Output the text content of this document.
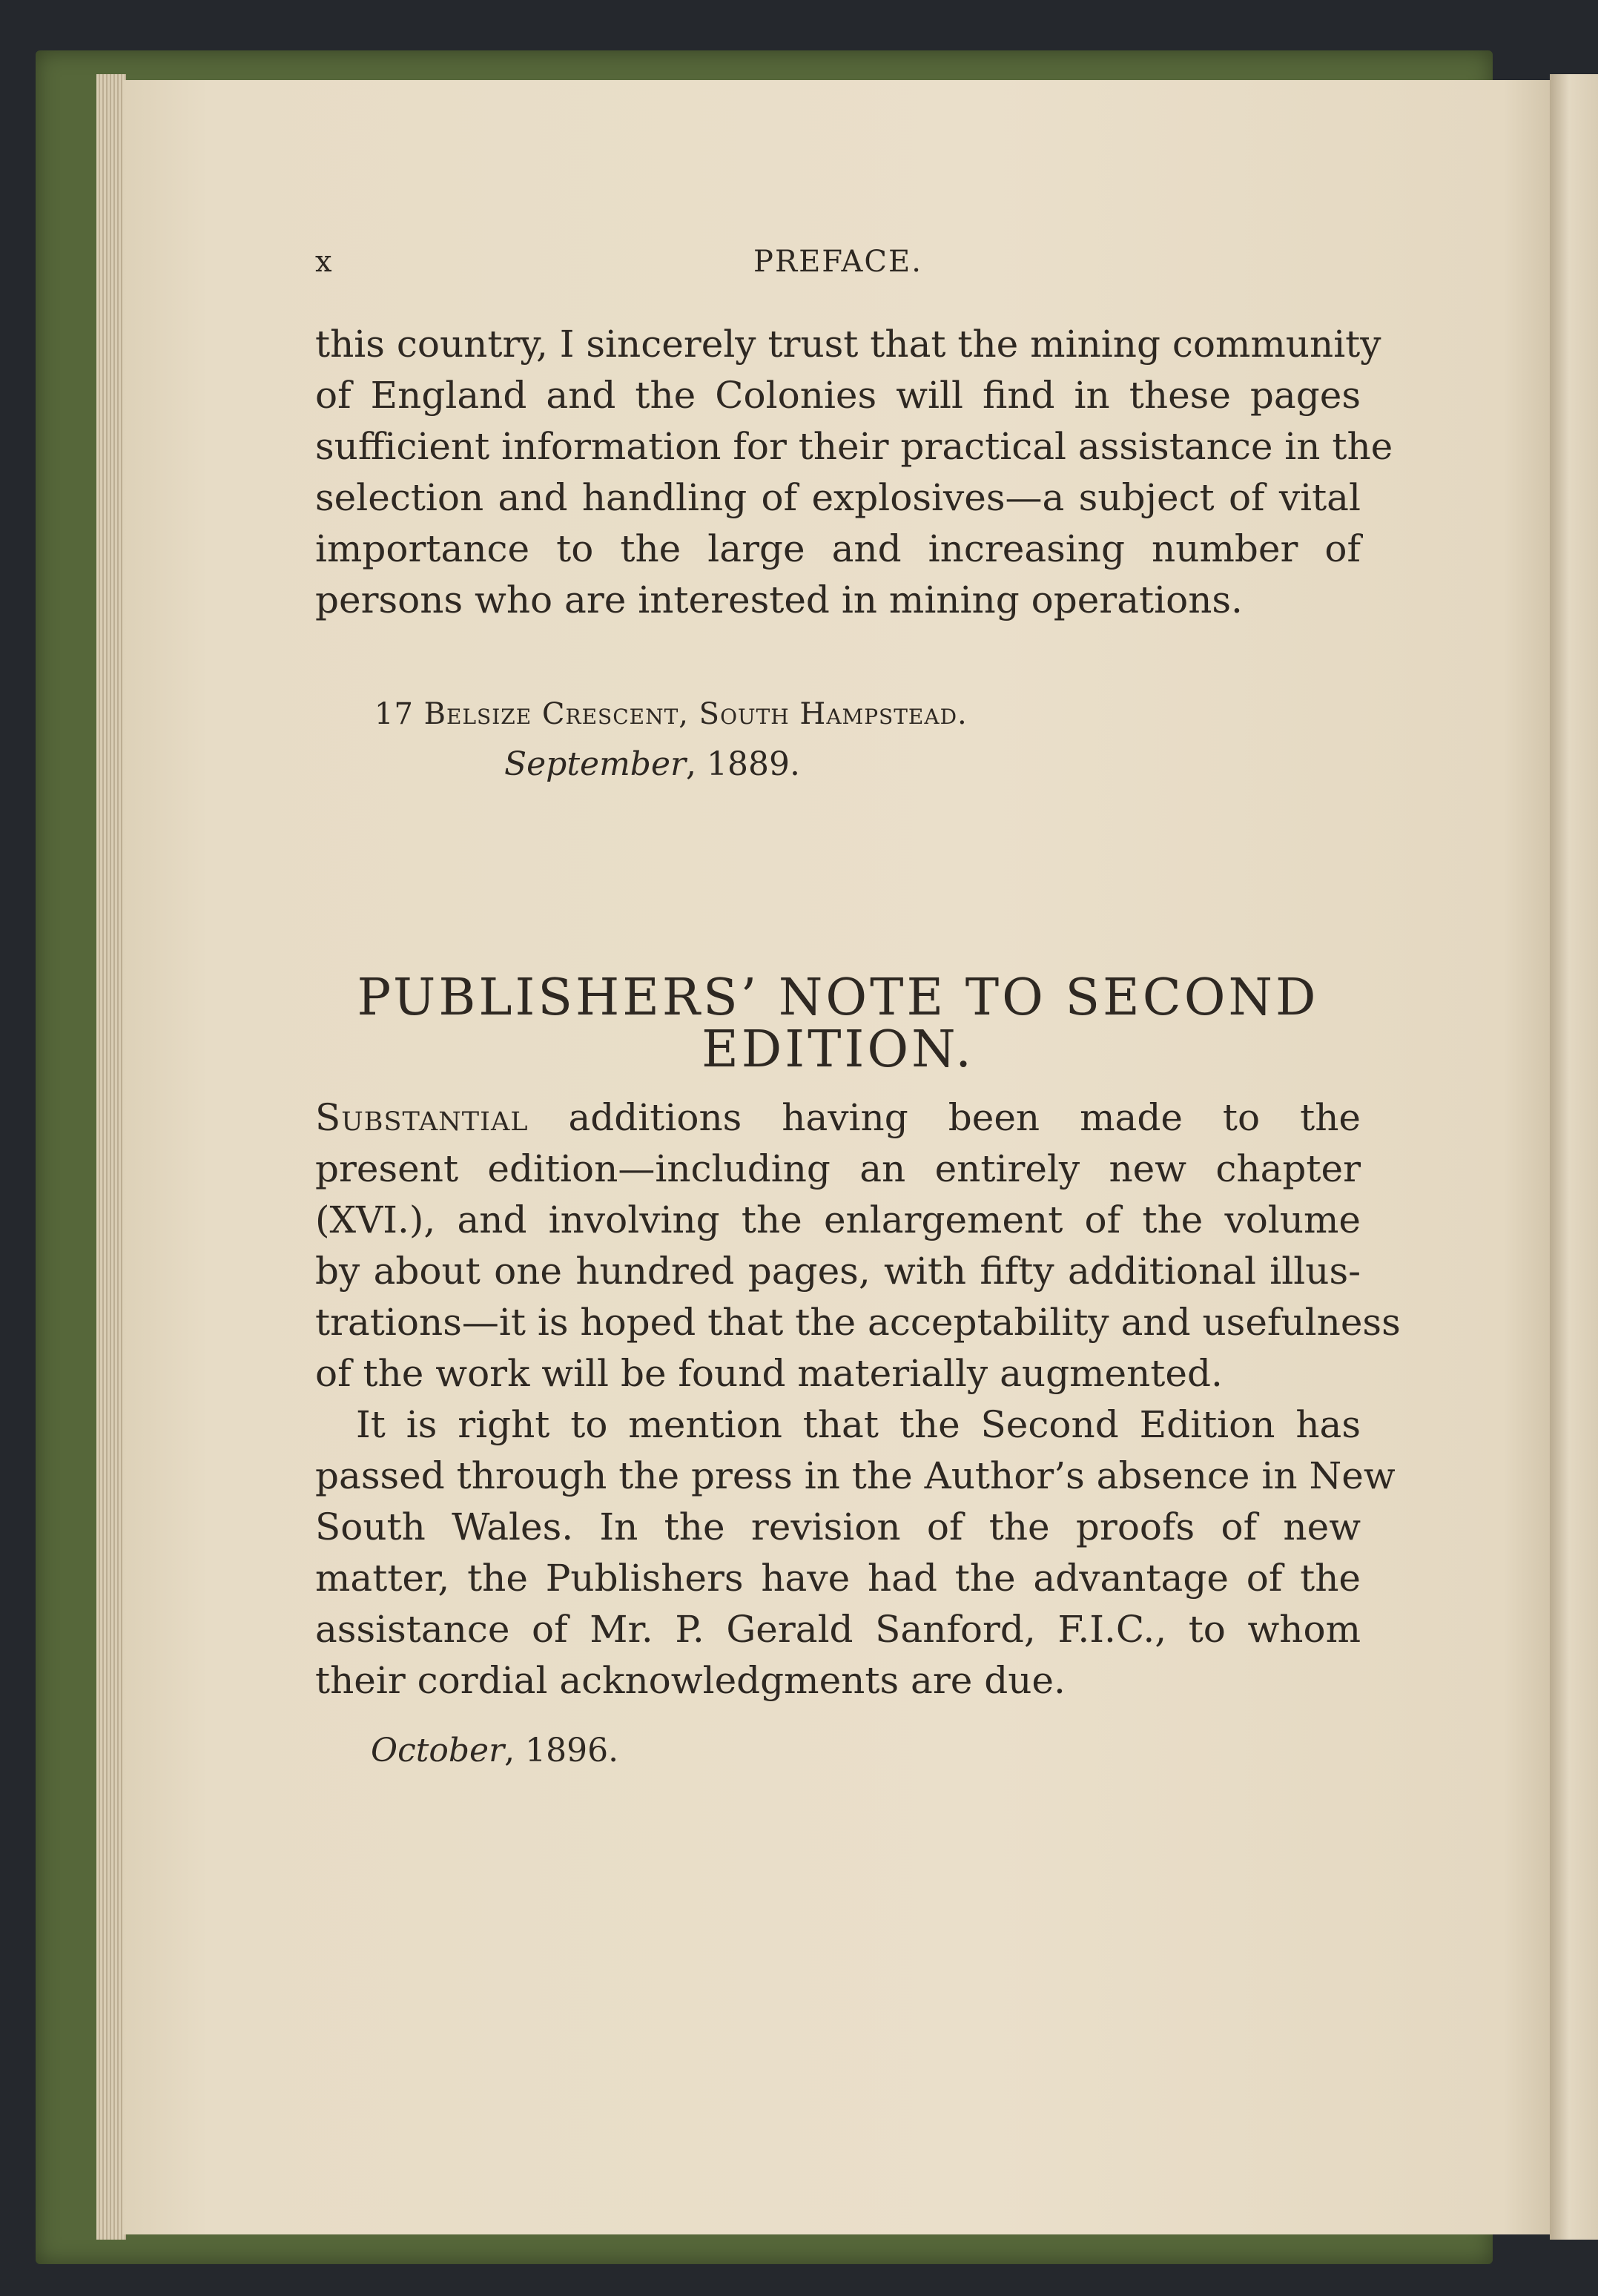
PREFACE.
x
this country, I sincerely trust that the mining community
of England and the Colonies will find in these pages
sufficient information for their practical assistance in the
selection and handling of explosives—a subject of vital
importance to the large and increasing number of
persons who are interested in mining operations.
17 Belsize Crescent, South Hampstead.
September, 1889.
PUBLISHERS’ NOTE TO SECOND
EDITION.
Substantial additions having been made to the
present edition—including an entirely new chapter
(XVI.), and involving the enlargement of the volume
by about one hundred pages, with fifty additional illus-
trations—it is hoped that the acceptability and usefulness
of the work will be found materially augmented.
It is right to mention that the Second Edition has
passed through the press in the Author’s absence in New
South Wales. In the revision of the proofs of new
matter, the Publishers have had the advantage of the
assistance of Mr. P. Gerald Sanford, F.I.C., to whom
their cordial acknowledgments are due.
October, 1896.
